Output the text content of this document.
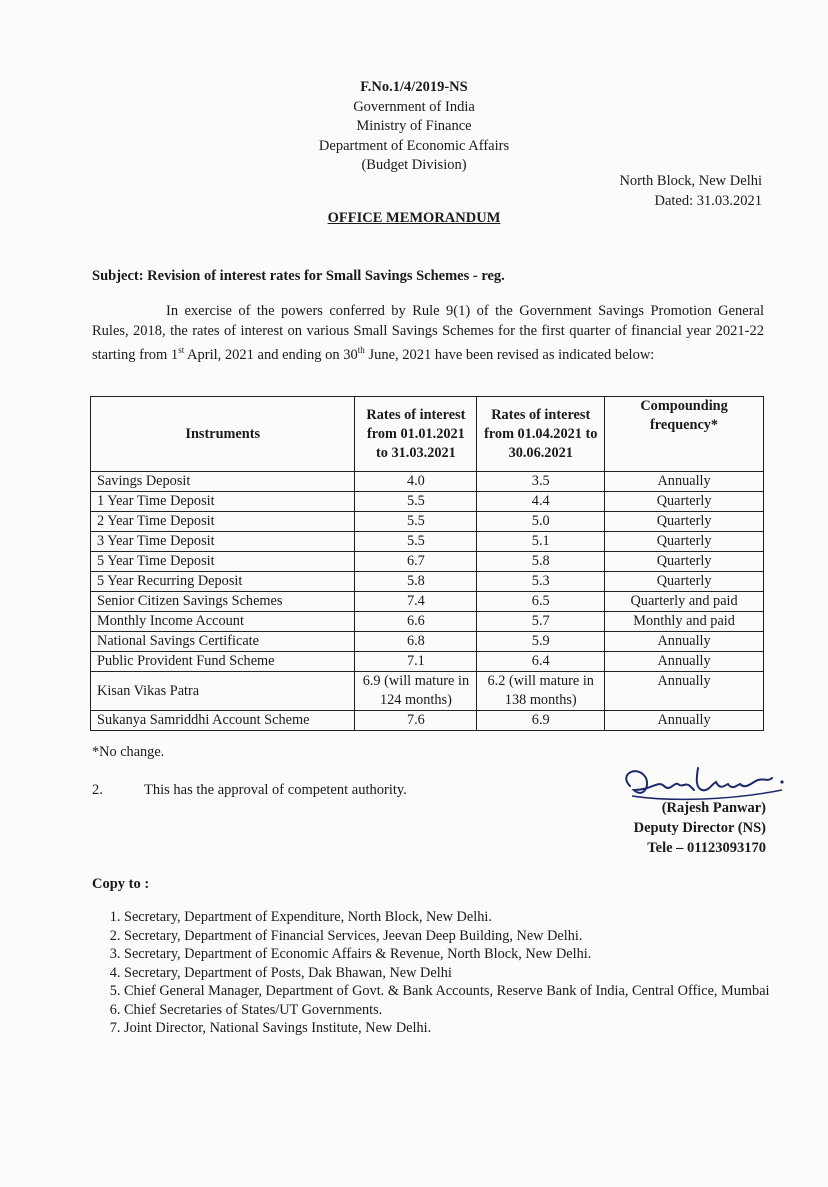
F.No.1/4/2019-NS
Government of India
Ministry of Finance
Department of Economic Affairs
(Budget Division)
North Block, New Delhi
Dated: 31.03.2021
OFFICE MEMORANDUM
Subject: Revision of interest rates for Small Savings Schemes - reg.
In exercise of the powers conferred by Rule 9(1) of the Government Savings Promotion General Rules, 2018, the rates of interest on various Small Savings Schemes for the first quarter of financial year 2021-22 starting from 1st April, 2021 and ending on 30th June, 2021 have been revised as indicated below:
Instruments	Rates of interest from 01.01.2021 to 31.03.2021	Rates of interest from 01.04.2021 to 30.06.2021	Compounding frequency*
Savings Deposit	4.0	3.5	Annually
1 Year Time Deposit	5.5	4.4	Quarterly
2 Year Time Deposit	5.5	5.0	Quarterly
3 Year Time Deposit	5.5	5.1	Quarterly
5 Year Time Deposit	6.7	5.8	Quarterly
5 Year Recurring Deposit	5.8	5.3	Quarterly
Senior Citizen Savings Schemes	7.4	6.5	Quarterly and paid
Monthly Income Account	6.6	5.7	Monthly and paid
National Savings Certificate	6.8	5.9	Annually
Public Provident Fund Scheme	7.1	6.4	Annually
Kisan Vikas Patra	6.9 (will mature in 124 months)	6.2 (will mature in 138 months)	Annually
Sukanya Samriddhi Account Scheme	7.6	6.9	Annually
*No change.
2.	This has the approval of competent authority.
(Rajesh Panwar)
Deputy Director (NS)
Tele – 01123093170
Copy to :
1. Secretary, Department of Expenditure, North Block, New Delhi.
2. Secretary, Department of Financial Services, Jeevan Deep Building, New Delhi.
3. Secretary, Department of Economic Affairs & Revenue, North Block, New Delhi.
4. Secretary, Department of Posts, Dak Bhawan, New Delhi
5. Chief General Manager, Department of Govt. & Bank Accounts, Reserve Bank of India, Central Office, Mumbai
6. Chief Secretaries of States/UT Governments.
7. Joint Director, National Savings Institute, New Delhi.
